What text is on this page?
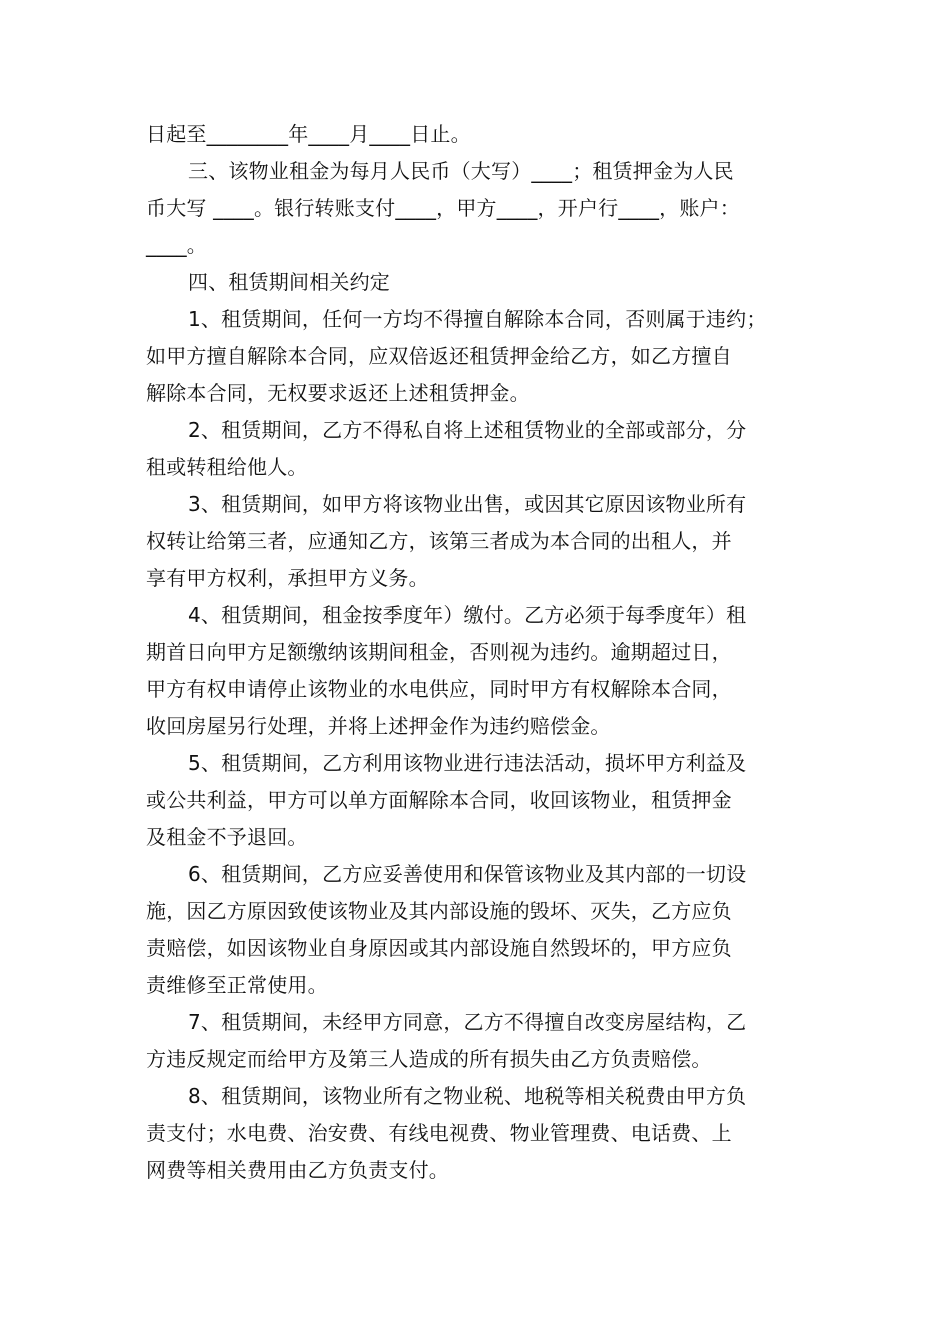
日起至________年____月____日止。
三、该物业租金为每月人民币（大写）____；租赁押金为人民
币大写 ____。银行转账支付____，甲方____，开户行____，账户：
____。
四、租赁期间相关约定
1、租赁期间，任何一方均不得擅自解除本合同，否则属于违约；
如甲方擅自解除本合同，应双倍返还租赁押金给乙方，如乙方擅自
解除本合同，无权要求返还上述租赁押金。
2、租赁期间，乙方不得私自将上述租赁物业的全部或部分，分
租或转租给他人。
3、租赁期间，如甲方将该物业出售，或因其它原因该物业所有
权转让给第三者，应通知乙方，该第三者成为本合同的出租人，并
享有甲方权利，承担甲方义务。
4、租赁期间，租金按季度年）缴付。乙方必须于每季度年）租
期首日向甲方足额缴纳该期间租金，否则视为违约。逾期超过日，
甲方有权申请停止该物业的水电供应，同时甲方有权解除本合同，
收回房屋另行处理，并将上述押金作为违约赔偿金。
5、租赁期间，乙方利用该物业进行违法活动，损坏甲方利益及
或公共利益，甲方可以单方面解除本合同，收回该物业，租赁押金
及租金不予退回。
6、租赁期间，乙方应妥善使用和保管该物业及其内部的一切设
施，因乙方原因致使该物业及其内部设施的毁坏、灭失，乙方应负
责赔偿，如因该物业自身原因或其内部设施自然毁坏的，甲方应负
责维修至正常使用。
7、租赁期间，未经甲方同意，乙方不得擅自改变房屋结构，乙
方违反规定而给甲方及第三人造成的所有损失由乙方负责赔偿。
8、租赁期间，该物业所有之物业税、地税等相关税费由甲方负
责支付；水电费、治安费、有线电视费、物业管理费、电话费、上
网费等相关费用由乙方负责支付。
